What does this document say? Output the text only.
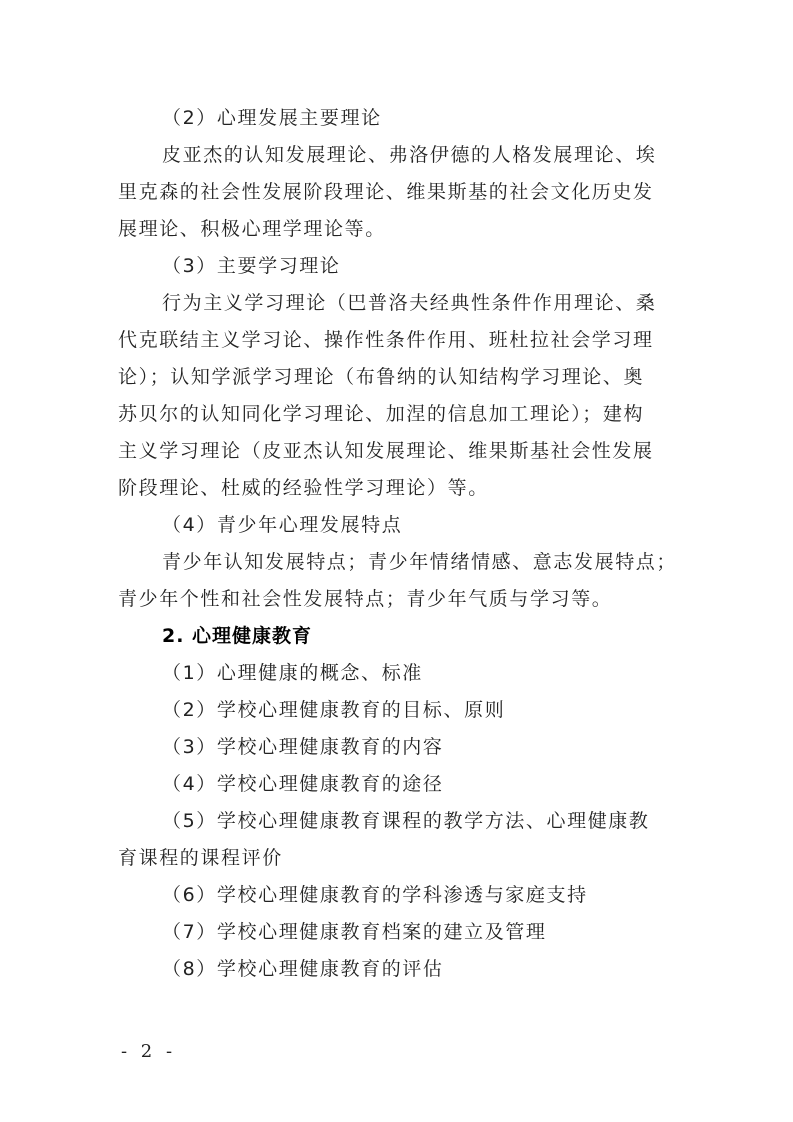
（2）心理发展主要理论
皮亚杰的认知发展理论、弗洛伊德的人格发展理论、埃
里克森的社会性发展阶段理论、维果斯基的社会文化历史发
展理论、积极心理学理论等。
（3）主要学习理论
行为主义学习理论（巴普洛夫经典性条件作用理论、桑
代克联结主义学习论、操作性条件作用、班杜拉社会学习理
论）；认知学派学习理论（布鲁纳的认知结构学习理论、奥
苏贝尔的认知同化学习理论、加涅的信息加工理论）；建构
主义学习理论（皮亚杰认知发展理论、维果斯基社会性发展
阶段理论、杜威的经验性学习理论）等。
（4）青少年心理发展特点
青少年认知发展特点；青少年情绪情感、意志发展特点；
青少年个性和社会性发展特点；青少年气质与学习等。
2. 心理健康教育
（1）心理健康的概念、标准
（2）学校心理健康教育的目标、原则
（3）学校心理健康教育的内容
（4）学校心理健康教育的途径
（5）学校心理健康教育课程的教学方法、心理健康教
育课程的课程评价
（6）学校心理健康教育的学科渗透与家庭支持
（7）学校心理健康教育档案的建立及管理
（8）学校心理健康教育的评估
- 2 -
